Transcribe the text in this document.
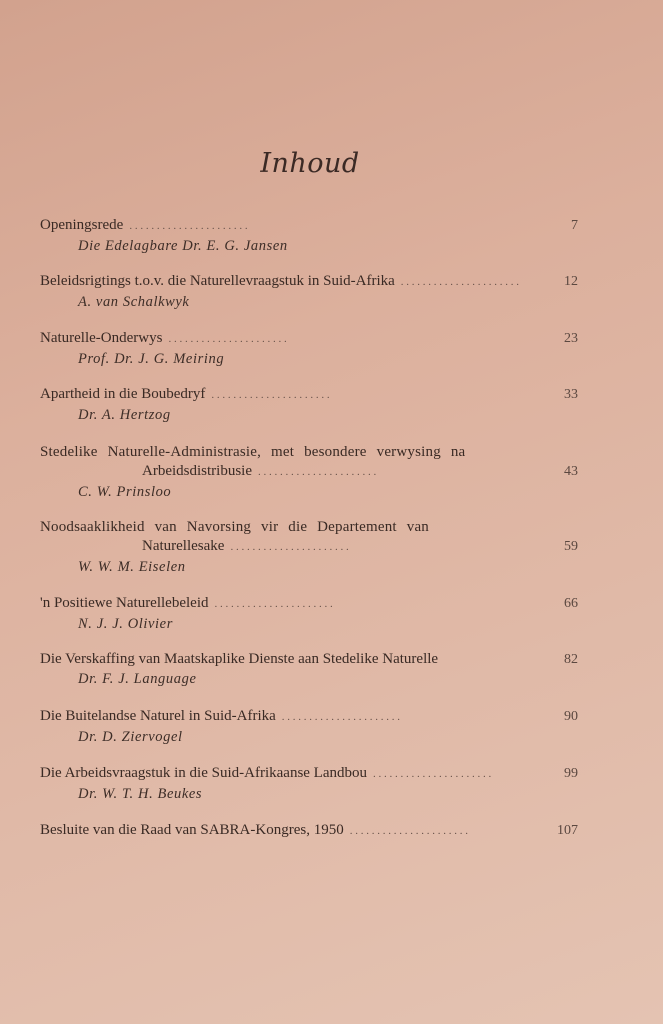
Inhoud
Openingsrede . . . . . . . . . . . . . . . . . . . . . .	7
Die Edelagbare Dr. E. G. Jansen
Beleidsrigtings t.o.v. die Naturellevraagstuk in Suid-Afrika . . . . . . . . . . . . . . . . . . . . . .	12
A. van Schalkwyk
Naturelle-Onderwys . . . . . . . . . . . . . . . . . . . . . .	23
Prof. Dr. J. G. Meiring
Apartheid in die Boubedryf . . . . . . . . . . . . . . . . . . . . . .	33
Dr. A. Hertzog
Stedelike Naturelle-Administrasie, met besondere verwysing na
Arbeidsdistribusie . . . . . . . . . . . . . . . . . . . . . .	43
C. W. Prinsloo
Noodsaaklikheid van Navorsing vir die Departement van
Naturellesake . . . . . . . . . . . . . . . . . . . . . .	59
W. W. M. Eiselen
'n Positiewe Naturellebeleid . . . . . . . . . . . . . . . . . . . . . .	66
N. J. J. Olivier
Die Verskaffing van Maatskaplike Dienste aan Stedelike Naturelle	82
Dr. F. J. Language
Die Buitelandse Naturel in Suid-Afrika . . . . . . . . . . . . . . . . . . . . . .	90
Dr. D. Ziervogel
Die Arbeidsvraagstuk in die Suid-Afrikaanse Landbou . . . . . . . . . . . . . . . . . . . . . .	99
Dr. W. T. H. Beukes
Besluite van die Raad van SABRA-Kongres, 1950 . . . . . . . . . . . . . . . . . . . . . .	107
